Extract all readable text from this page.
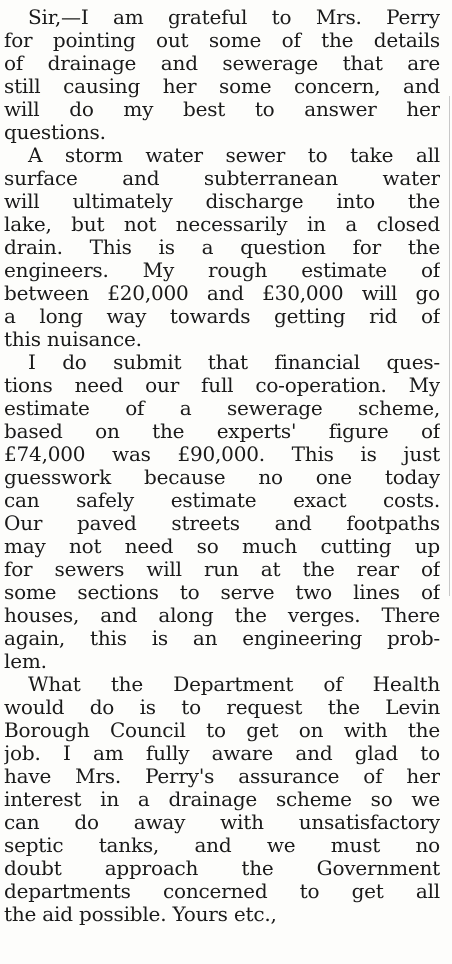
Sir,—I am grateful to Mrs. Perry
for pointing out some of the details
of drainage and sewerage that are
still causing her some concern, and
will do my best to answer her
questions.
A storm water sewer to take all
surface and subterranean water
will ultimately discharge into the
lake, but not necessarily in a closed
drain. This is a question for the
engineers. My rough estimate of
between £20,000 and £30,000 will go
a long way towards getting rid of
this nuisance.
I do submit that financial ques-
tions need our full co-operation. My
estimate of a sewerage scheme,
based on the experts' figure of
£74,000 was £90,000. This is just
guesswork because no one today
can safely estimate exact costs.
Our paved streets and footpaths
may not need so much cutting up
for sewers will run at the rear of
some sections to serve two lines of
houses, and along the verges. There
again, this is an engineering prob-
lem.
What the Department of Health
would do is to request the Levin
Borough Council to get on with the
job. I am fully aware and glad to
have Mrs. Perry's assurance of her
interest in a drainage scheme so we
can do away with unsatisfactory
septic tanks, and we must no
doubt approach the Government
departments concerned to get all
the aid possible. Yours etc.,
